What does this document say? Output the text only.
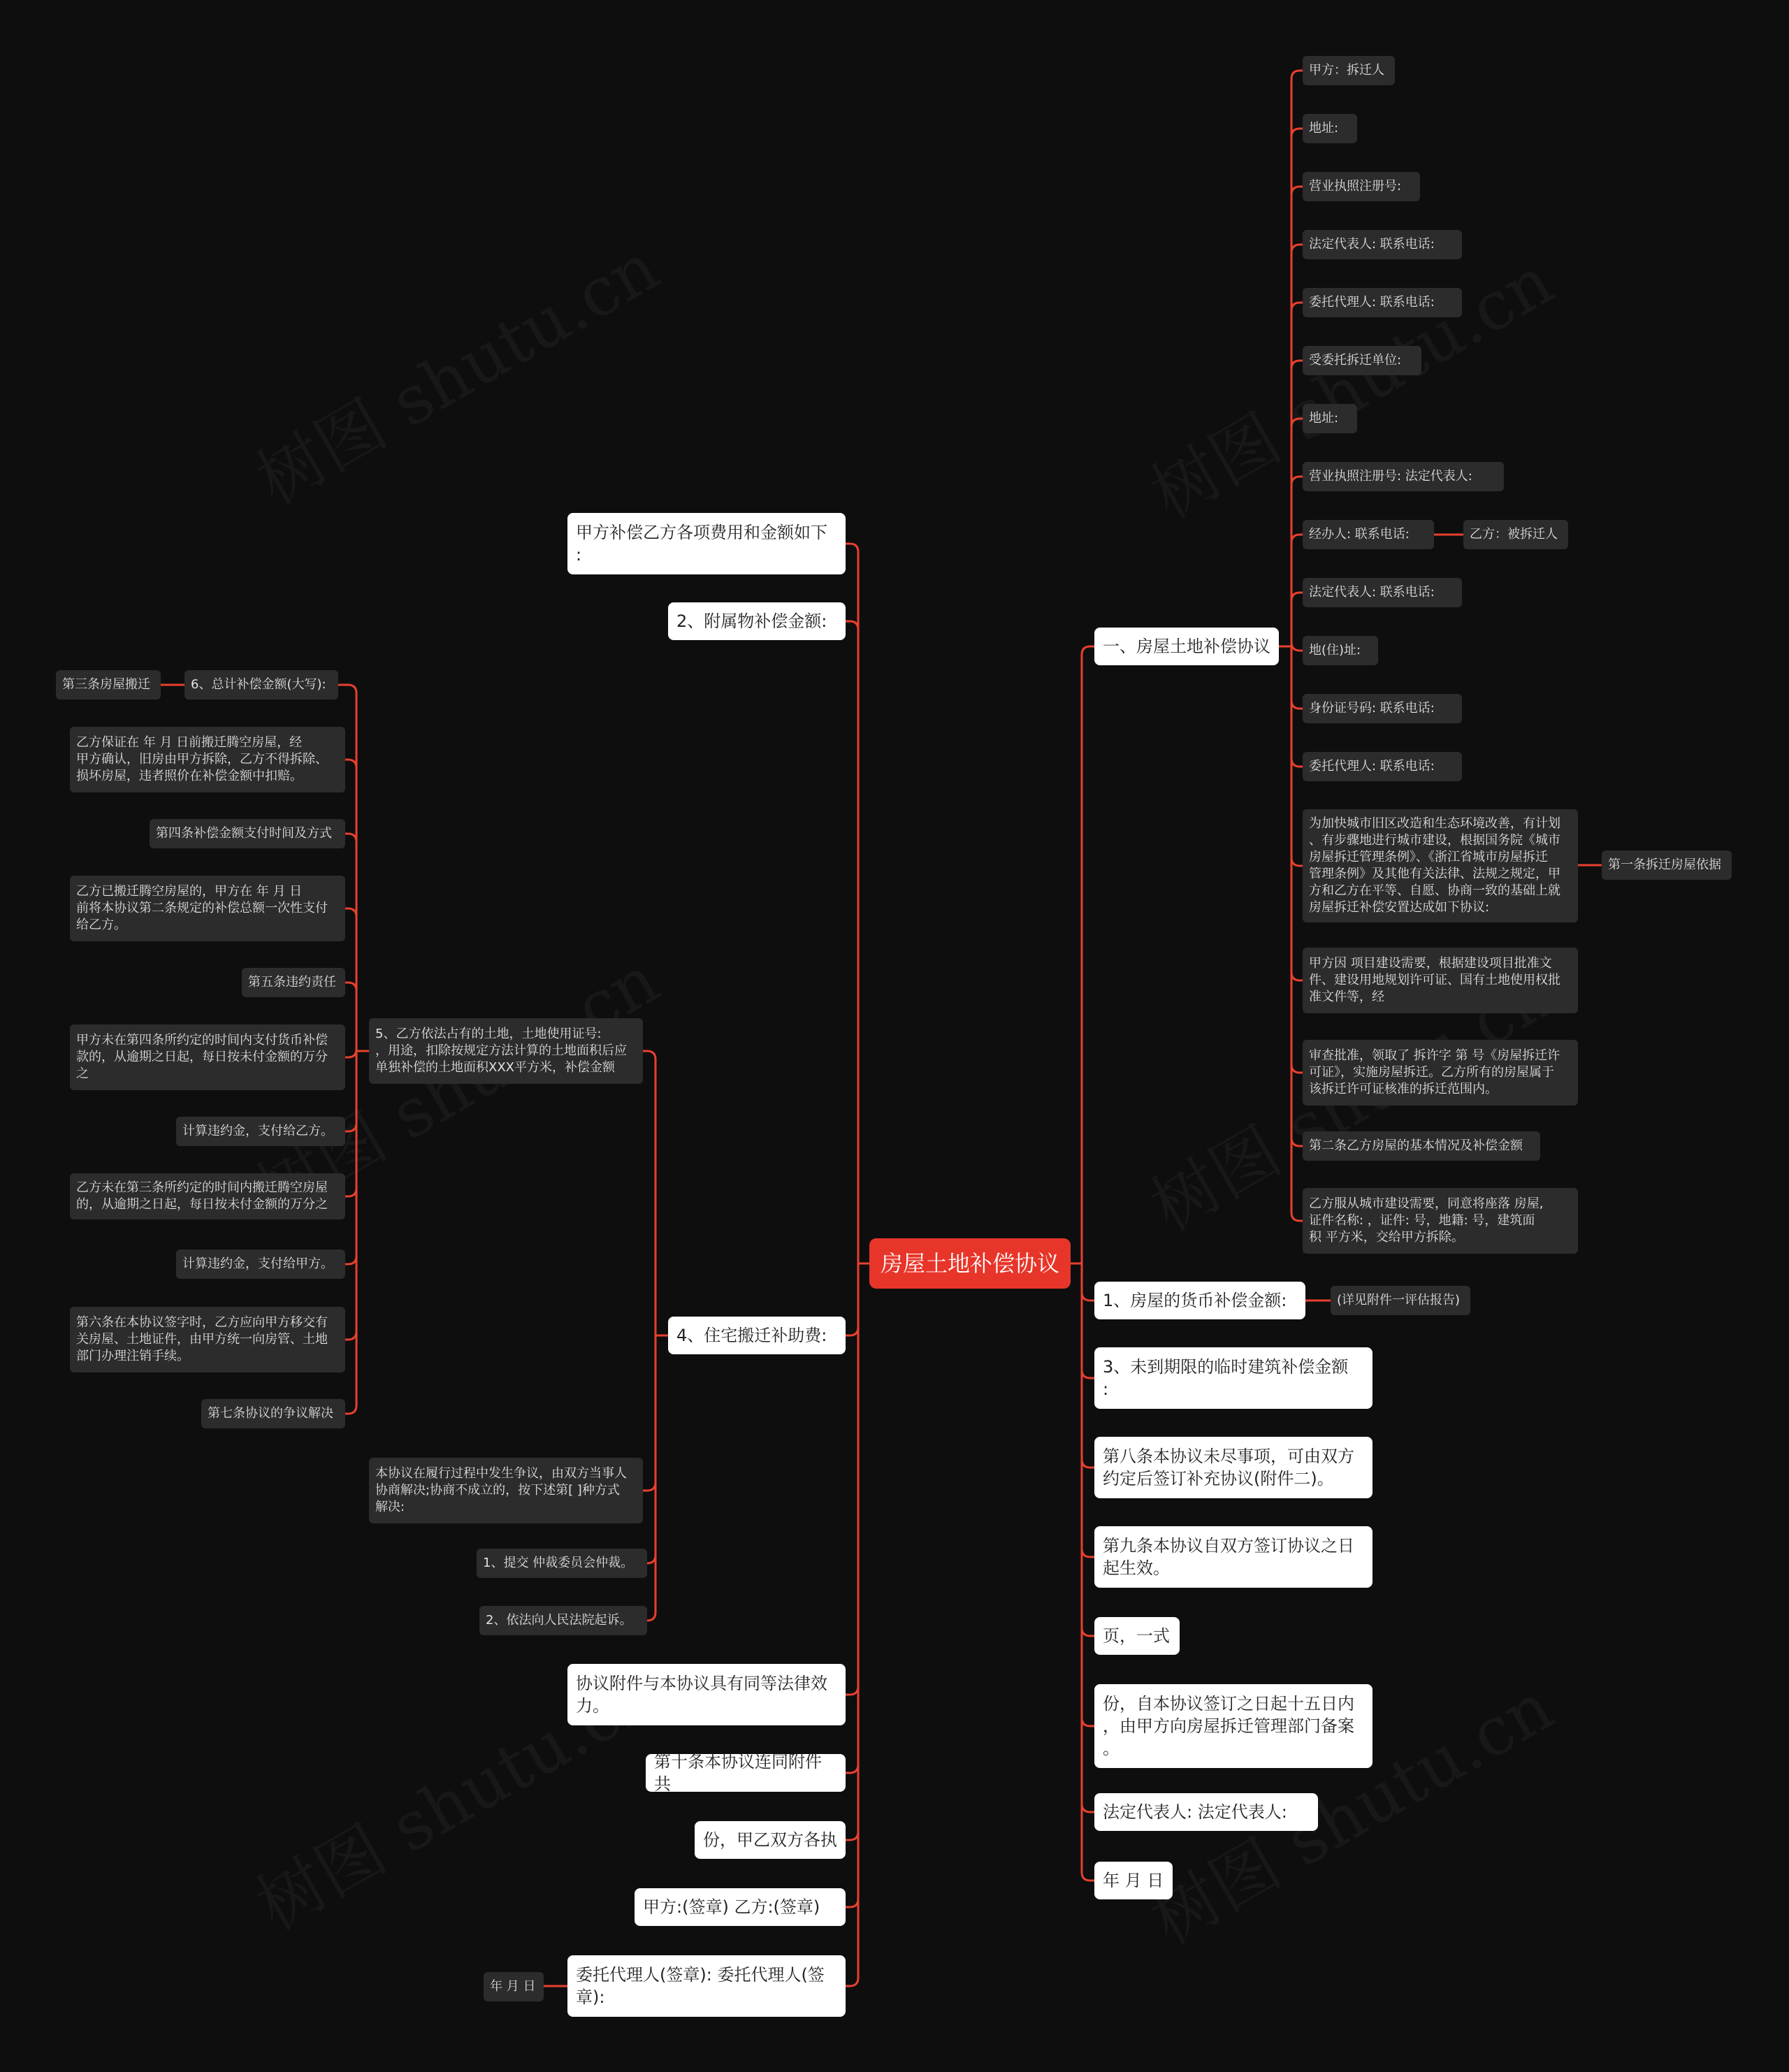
房屋土地补偿协议
一、房屋土地补偿协议
1、房屋的货币补偿金额:
3、未到期限的临时建筑补偿金额
:
第八条本协议未尽事项，可由双方
约定后签订补充协议(附件二)。
第九条本协议自双方签订协议之日
起生效。
页，一式
份，自本协议签订之日起十五日内
，由甲方向房屋拆迁管理部门备案
。
法定代表人: 法定代表人:
年 月 日
甲方：拆迁人
地址:
营业执照注册号:
法定代表人: 联系电话:
委托代理人: 联系电话:
受委托拆迁单位:
地址:
营业执照注册号: 法定代表人:
经办人: 联系电话:
法定代表人: 联系电话:
地(住)址:
身份证号码: 联系电话:
委托代理人: 联系电话:
为加快城市旧区改造和生态环境改善，有计划
、有步骤地进行城市建设，根据国务院《城市
房屋拆迁管理条例》、《浙江省城市房屋拆迁
管理条例》及其他有关法律、法规之规定，甲
方和乙方在平等、自愿、协商一致的基础上就
房屋拆迁补偿安置达成如下协议:
甲方因 项目建设需要，根据建设项目批准文
件、建设用地规划许可证、国有土地使用权批
准文件等，经
审查批准，领取了 拆许字 第 号《房屋拆迁许
可证》，实施房屋拆迁。乙方所有的房屋属于
该拆迁许可证核准的拆迁范围内。
第二条乙方房屋的基本情况及补偿金额
乙方服从城市建设需要，同意将座落 房屋,
证件名称: ，证件: 号，地籍: 号，建筑面
积 平方米，交给甲方拆除。
乙方：被拆迁人
第一条拆迁房屋依据
(详见附件一评估报告)
甲方补偿乙方各项费用和金额如下
:
2、附属物补偿金额:
4、住宅搬迁补助费:
协议附件与本协议具有同等法律效
力。
第十条本协议连同附件共
份，甲乙双方各执
甲方:(签章) 乙方:(签章)
委托代理人(签章): 委托代理人(签
章):
5、乙方依法占有的土地，土地使用证号:
，用途，扣除按规定方法计算的土地面积后应
单独补偿的土地面积XXX平方米，补偿金额
本协议在履行过程中发生争议，由双方当事人
协商解决;协商不成立的，按下述第[ ]种方式
解决:
1、提交 仲裁委员会仲裁。
2、依法向人民法院起诉。
6、总计补偿金额(大写):
乙方保证在 年 月 日前搬迁腾空房屋，经
甲方确认，旧房由甲方拆除，乙方不得拆除、
损坏房屋，违者照价在补偿金额中扣赔。
第四条补偿金额支付时间及方式
乙方已搬迁腾空房屋的，甲方在 年 月 日
前将本协议第二条规定的补偿总额一次性支付
给乙方。
第五条违约责任
甲方未在第四条所约定的时间内支付货币补偿
款的，从逾期之日起，每日按未付金额的万分
之
计算违约金，支付给乙方。
乙方未在第三条所约定的时间内搬迁腾空房屋
的，从逾期之日起，每日按未付金额的万分之
计算违约金，支付给甲方。
第六条在本协议签字时，乙方应向甲方移交有
关房屋、土地证件，由甲方统一向房管、土地
部门办理注销手续。
第七条协议的争议解决
第三条房屋搬迁
年 月 日
